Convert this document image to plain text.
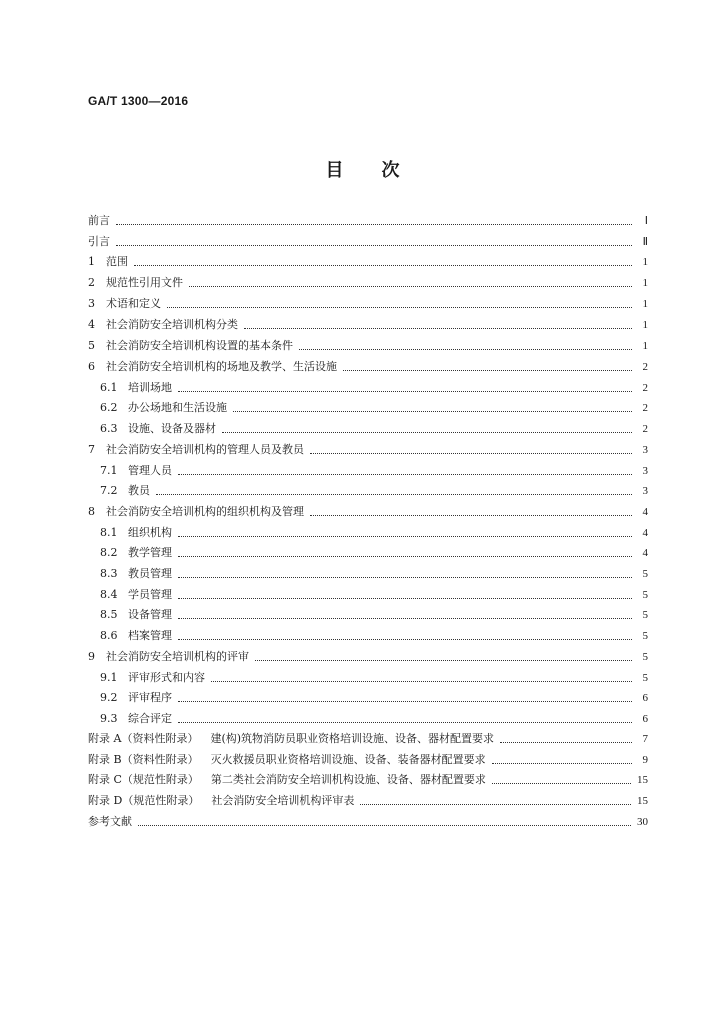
GA/T 1300—2016
目 次
前言	Ⅰ
引言	Ⅱ
1	范围	1
2	规范性引用文件	1
3	术语和定义	1
4	社会消防安全培训机构分类	1
5	社会消防安全培训机构设置的基本条件	1
6	社会消防安全培训机构的场地及教学、生活设施	2
6.1 培训场地	2
6.2 办公场地和生活设施	2
6.3 设施、设备及器材	2
7	社会消防安全培训机构的管理人员及教员	3
7.1 管理人员	3
7.2 教员	3
8	社会消防安全培训机构的组织机构及管理	4
8.1 组织机构	4
8.2 教学管理	4
8.3 教员管理	5
8.4 学员管理	5
8.5 设备管理	5
8.6 档案管理	5
9	社会消防安全培训机构的评审	5
9.1 评审形式和内容	5
9.2 评审程序	6
9.3 综合评定	6
附录 A（资料性附录） 建(构)筑物消防员职业资格培训设施、设备、器材配置要求	7
附录 B（资料性附录） 灭火救援员职业资格培训设施、设备、装备器材配置要求	9
附录 C（规范性附录） 第二类社会消防安全培训机构设施、设备、器材配置要求	15
附录 D（规范性附录） 社会消防安全培训机构评审表	15
参考文献	30
